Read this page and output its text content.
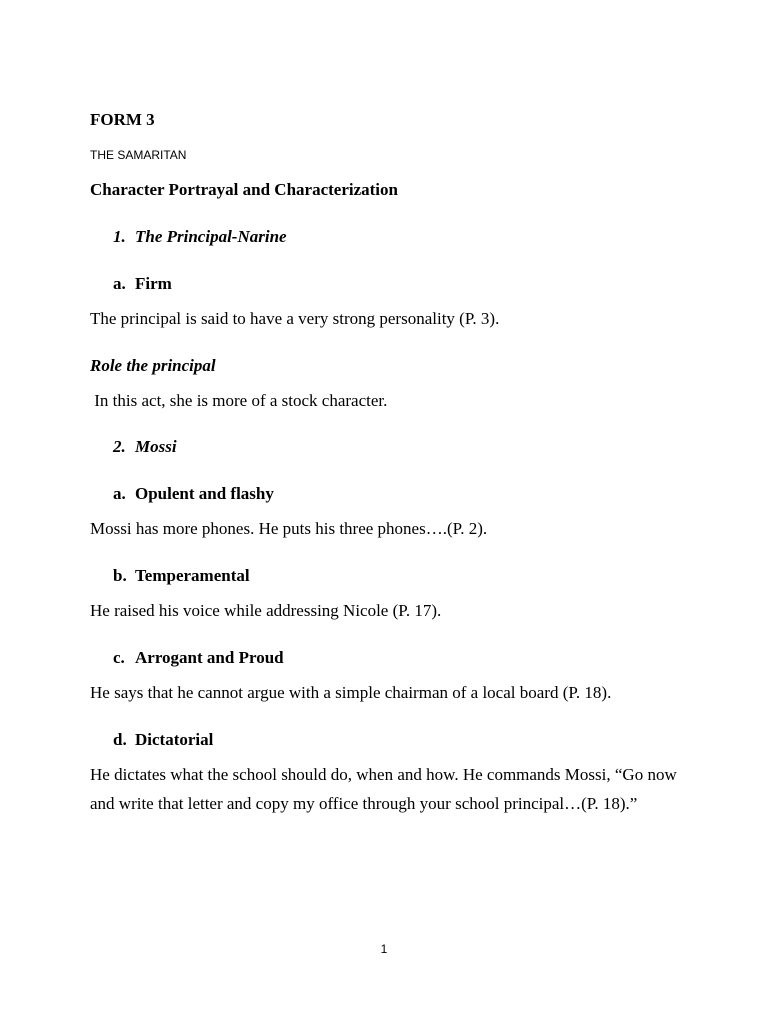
FORM 3
THE SAMARITAN
Character Portrayal and Characterization
1. The Principal-Narine
a. Firm
The principal is said to have a very strong personality (P. 3).
Role the principal
In this act, she is more of a stock character.
2. Mossi
a. Opulent and flashy
Mossi has more phones. He puts his three phones….(P. 2).
b. Temperamental
He raised his voice while addressing Nicole (P. 17).
c. Arrogant and Proud
He says that he cannot argue with a simple chairman of a local board (P. 18).
d. Dictatorial
He dictates what the school should do, when and how. He commands Mossi, “Go now and write that letter and copy my office through your school principal…(P. 18).”
1
